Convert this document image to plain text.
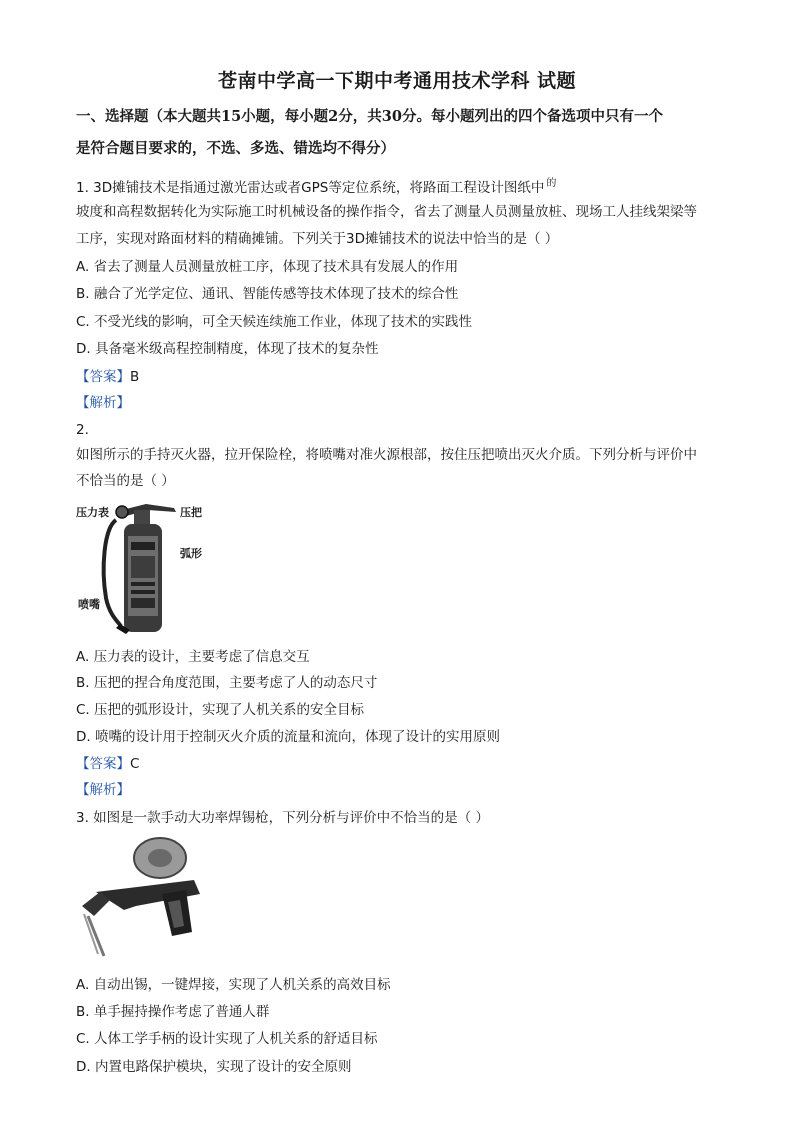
苍南中学高一下期中考通用技术学科 试题
一、选择题（本大题共15小题，每小题2分，共30分。每小题列出的四个备选项中只有一个
是符合题目要求的，不选、多选、错选均不得分）
1. 3D摊铺技术是指通过激光雷达或者GPS等定位系统，将路面工程设计图纸中 $^的$
坡度和高程数据转化为实际施工时机械设备的操作指令，省去了测量人员测量放桩、现场工人挂线架梁等
工序，实现对路面材料的精确摊铺。下列关于3D摊铺技术的说法中恰当的是（ ）
A. 省去了测量人员测量放桩工序，体现了技术具有发展人的作用
B. 融合了光学定位、通讯、智能传感等技术体现了技术的综合性
C. 不受光线的影响，可全天候连续施工作业，体现了技术的实践性
D. 具备毫米级高程控制精度，体现了技术的复杂性
【答案】B
【解析】
2.
如图所示的手持灭火器，拉开保险栓，将喷嘴对准火源根部，按住压把喷出灭火介质。下列分析与评价中
不恰当的是（ ）
压力表	压把
弧形
喷嘴
A. 压力表的设计，主要考虑了信息交互
B. 压把的捏合角度范围，主要考虑了人的动态尺寸
C. 压把的弧形设计，实现了人机关系的安全目标
D. 喷嘴的设计用于控制灭火介质的流量和流向，体现了设计的实用原则
【答案】C
【解析】
3. 如图是一款手动大功率焊锡枪，下列分析与评价中不恰当的是（ ）
A. 自动出锡，一键焊接，实现了人机关系的高效目标
B. 单手握持操作考虑了普通人群
C. 人体工学手柄的设计实现了人机关系的舒适目标
D. 内置电路保护模块，实现了设计的安全原则
